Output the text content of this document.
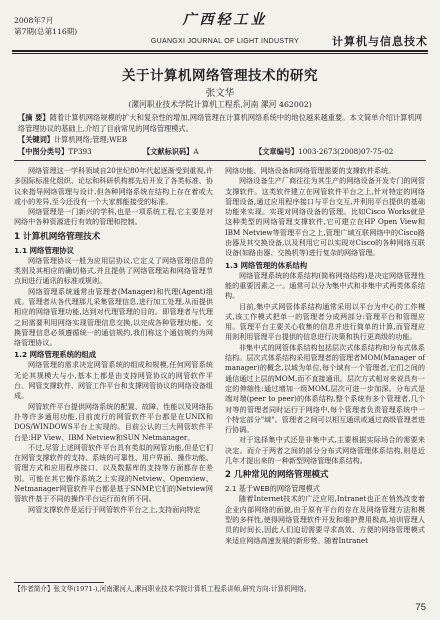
2008年7月
第7期(总第116期)
广西轻工业
GUANGXI JOURNAL OF LIGHT INDUSTRY	计算机与信息技术
关于计算机网络管理技术的研究
张文华
(漯河职业技术学院计算机工程系,河南 漯河 462002)
【摘 要】随着计算机网络规模的扩大和复杂性的增加,网络管理在计算机网络系统中的地位越来越重要。本文简单介绍计算机网络管理协议的基础上,介绍了目前常见的网络管理模式。
【关键词】计算机网络;管理;WEB
【中图分类号】TP393	【文献标识码】A	【文章编号】1003-2673(2008)07-75-02

网络管理这一学科领域自20世纪80年代起逐渐受到重视,许多国际标准化组织、论坛和科研机构都先后开发了各类标准、协议来指导网络管理与设计,但各种网络系统在结构上存在着或大或小的差异,至今还没有一个大家都能接受的标准。

网络管理是一门新兴的学科,也是一项系统工程,它主要是对网络中各种资源进行有效的管理和控制。

1 计算机网络管理技术
1.1 网络管理协议

网络管理协议一般为应用层协议,它定义了网络管理信息的类别及其相应的确切格式,并且提供了网络管理站和网络管理节点间进行通讯的标准或规则。

网络管理系统通常由管理者(Manager)和代理(Agent)组成。管理者从各代理那儿采集管理信息,进行加工处理,从而提供相应的网络管理功能,达到对代理管理的目的。即管理者与代理之间需要利用网络实现管理信息交换,以完成各种管理功能。交换管理信息必须遵循统一的通信规约,我们称这个通信规约为网络管理协议。

1.2 网络管理系统的组成

网络管理的需求决定网管系统的组成和规模,任何网管系统无论其规模大与小,基本上都是由支持网管协议的网管软件平台、网管支撑软件、网管工作平台和支撑网管协议的网络设备组成。

网管软件平台提供网络系统的配置、故障、性能以及网络拓扑等许多通用功能,目前流行的网管软件平台都是在UNIX和DOS/WINDOWS平台上实现的。目前公认的三大网管软件平台是:HP View、IBM Netview和SUN Netmanager。

不过,尽管上述网管软件平台具有类似的网管功能,但是它们在网管支撑软件的支持、系统的可靠性、用户界面、操作功能、管理方式和应用程序接口、以及数据库的支持等方面都存在差别。可能在其它操作系统之上实现的Netview、Openview、Netmanager网管软件平台都是基于SNMP,它们的Netview网管软件基于不同的操作平台运行而有所不同。

网管支撑软件是运行于网管软件平台之上,支持面向特定

网络功能、网络设备和网络管理需要的支撑软件系统。

网络设备生产厂商往往为其生产的网络设备开发专门的网管支撑软件。这类软件建立在网管软件平台之上,针对特定的网络管理设备,通过应用程序接口与平台交互,并利用平台提供的基础功能来实现。实现对网络设备的管理。比如Cisco Works就是这种类型的网络管理支撑软件,它可建立在HP Open View和IBM Netview等管理平台之上,管理广域互联网络中的Cisco路由器及其交换设备,以及利用它可以实现对Cisco的各种网络互联设备(如路由器、交换机等)进行复杂的网络管理。

1.3 网络管理的体系结构

网络管理系统的体系结构(简称网络结构)是决定网络管理性能的重要因素之一。通常可以分为集中式和非集中式两类体系结构。

目前,集中式网管体系结构通常采用以平台为中心的工作模式,该工作模式把单一的管理者分成两部分:管理平台和管理应用。管理平台主要关心收集的信息并进行简单的计算,而管理应用则利用管理平台提供的信息进行决策和执行更高级的功能。

非集中式的网管体系结构包括层次式体系结构和分布式体系结构。层次式体系结构采用管理者的管理者MOM(Manager of manager)的概念,以域为单位,每个域有一个管理者,它们之间的通信通过上层的MOM,而不直接通讯。层次方式相对来说具有一定的伸缩性:通过增加一级MOM,层次可进一步加深。分布式是端对端(peer to peer)的体系结构,整个系统有多个管理者,几个对等的管理者同时运行于网络中,每个管理者负责管理系统中一个特定部分"域"。管理者之间可以相互通讯或通过高级管理者进行协调。

对于选择集中式还是非集中式,主要根据实际场合的需要来决定。而介于两者之间的部分分布式网络管理体系结构,则是近几年才提出来的一种新型网络管理体系结构。

2 几种常见的网络管理模式
2.1 基于WEB的网络管理模式

随着Internet技术的广泛应用,Intranet也正在悄然改变着企业内部网络的面貌,由于原有平台的存在及网络管理方法和模型的多样性,使得网络管理软件开发和维护费用极高,培训管理人员的时间长,因此人们迫切需要寻求高效、方便的网络管理模式来适应网络高速发展的新形势。随着Intranet

【作者简介】张文华(1971-),河南漯河人,漯河职业技术学院计算机工程系讲师,研究方向:计算机网络。
75
